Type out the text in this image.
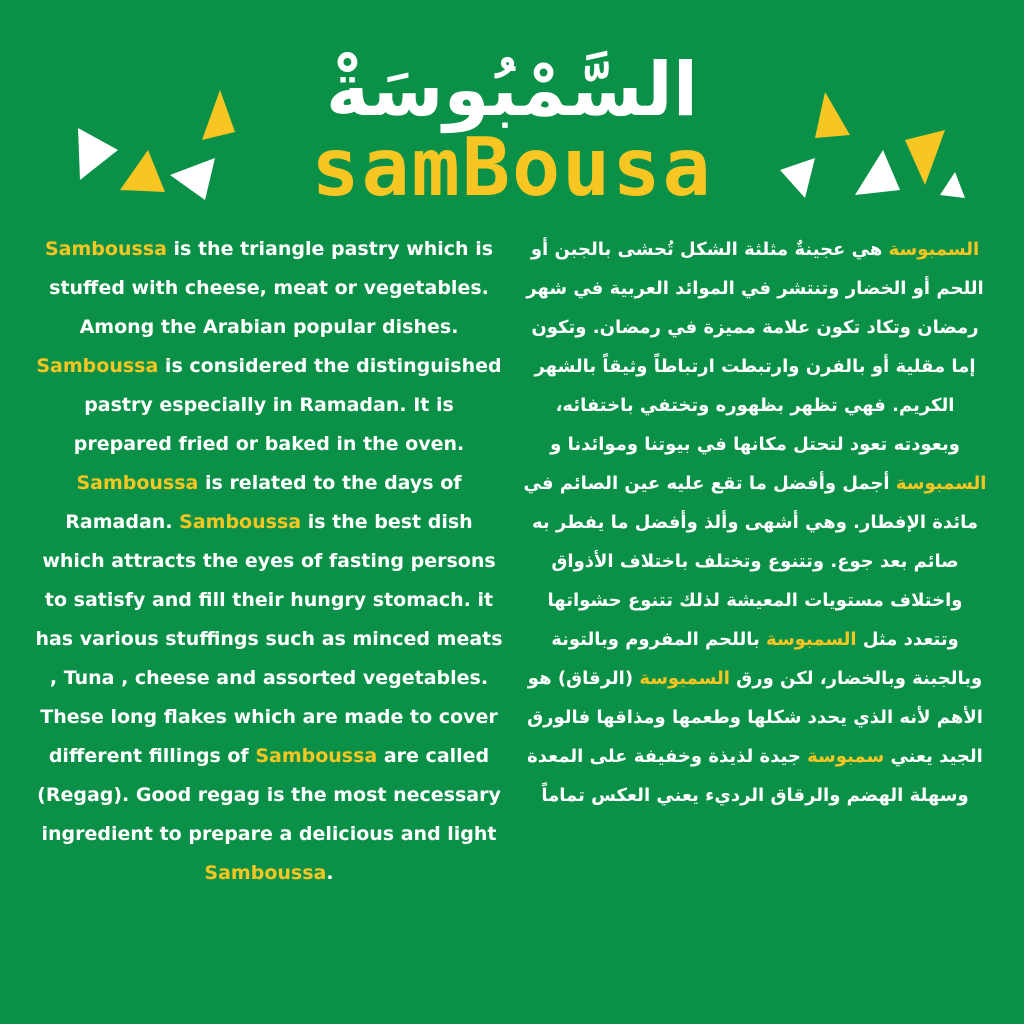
السَّمْبُوسَةْ
samBousa
Samboussa is the triangle pastry which is stuffed with cheese, meat or vegetables. Among the Arabian popular dishes. Samboussa is considered the distinguished pastry especially in Ramadan. It is prepared fried or baked in the oven. Samboussa is related to the days of Ramadan. Samboussa is the best dish which attracts the eyes of fasting persons to satisfy and fill their hungry stomach. it has various stuffings such as minced meats , Tuna , cheese and assorted vegetables. These long flakes which are made to cover different fillings of Samboussa are called (Regag). Good regag is the most necessary ingredient to prepare a delicious and light Samboussa.
السمبوسة هي عجينةٌ مثلثة الشكل تُحشى بالجبن أو اللحم أو الخضار وتنتشر في الموائد العربية في شهر رمضان وتكاد تكون علامة مميزة في رمضان. وتكون إما مقلية أو بالفرن وارتبطت ارتباطاً وثيقاً بالشهر الكريم. فهي تظهر بظهوره وتختفي باختفائه، وبعودته تعود لتحتل مكانها في بيوتنا وموائدنا و السمبوسة أجمل وأفضل ما تقع عليه عين الصائم في مائدة الإفطار. وهي أشهى وألذ وأفضل ما يفطر به صائم بعد جوع. وتتنوع وتختلف باختلاف الأذواق واختلاف مستويات المعيشة لذلك تتنوع حشواتها وتتعدد مثل السمبوسة باللحم المفروم وبالتونة وبالجبنة وبالخضار، لكن ورق السمبوسة (الرقاق) هو الأهم لأنه الذي يحدد شكلها وطعمها ومذاقها فالورق الجيد يعني سمبوسة جيدة لذيذة وخفيفة على المعدة وسهلة الهضم والرقاق الرديء يعني العكس تماماً
